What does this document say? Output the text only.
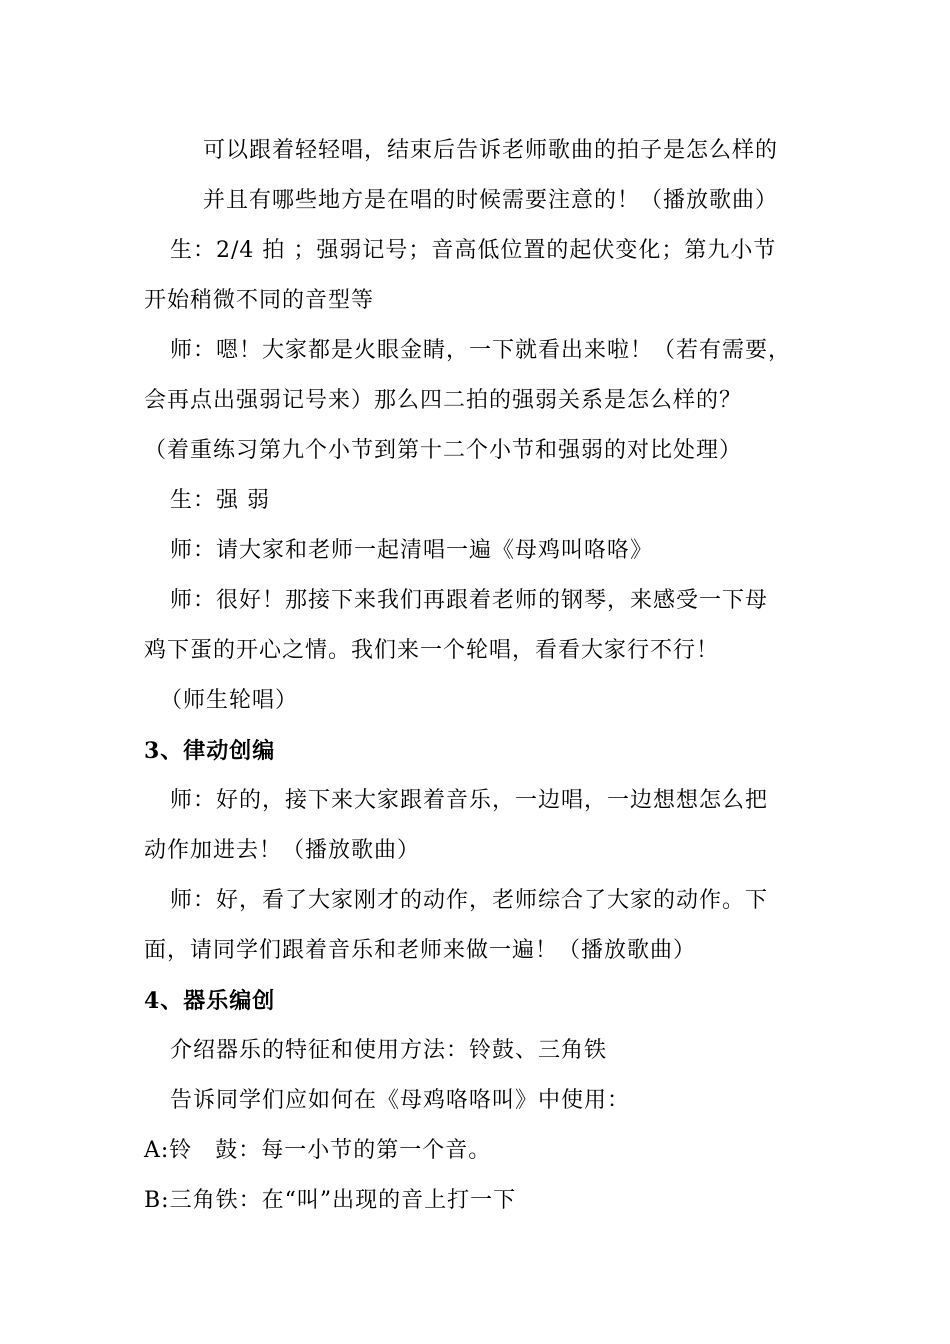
可以跟着轻轻唱，结束后告诉老师歌曲的拍子是怎么样的
并且有哪些地方是在唱的时候需要注意的！（播放歌曲）
生：2/4 拍 ；强弱记号；音高低位置的起伏变化；第九小节
开始稍微不同的音型等
师：嗯！大家都是火眼金睛，一下就看出来啦！（若有需要，
会再点出强弱记号来）那么四二拍的强弱关系是怎么样的？
（着重练习第九个小节到第十二个小节和强弱的对比处理）
生：强 弱
师：请大家和老师一起清唱一遍《母鸡叫咯咯》
师：很好！那接下来我们再跟着老师的钢琴，来感受一下母
鸡下蛋的开心之情。我们来一个轮唱，看看大家行不行！
（师生轮唱）
3、律动创编
师：好的，接下来大家跟着音乐，一边唱，一边想想怎么把
动作加进去！（播放歌曲）
师：好，看了大家刚才的动作，老师综合了大家的动作。下
面，请同学们跟着音乐和老师来做一遍！（播放歌曲）
4、器乐编创
介绍器乐的特征和使用方法：铃鼓、三角铁
告诉同学们应如何在《母鸡咯咯叫》中使用：
A:铃　鼓：每一小节的第一个音。
B:三角铁：在“叫”出现的音上打一下
